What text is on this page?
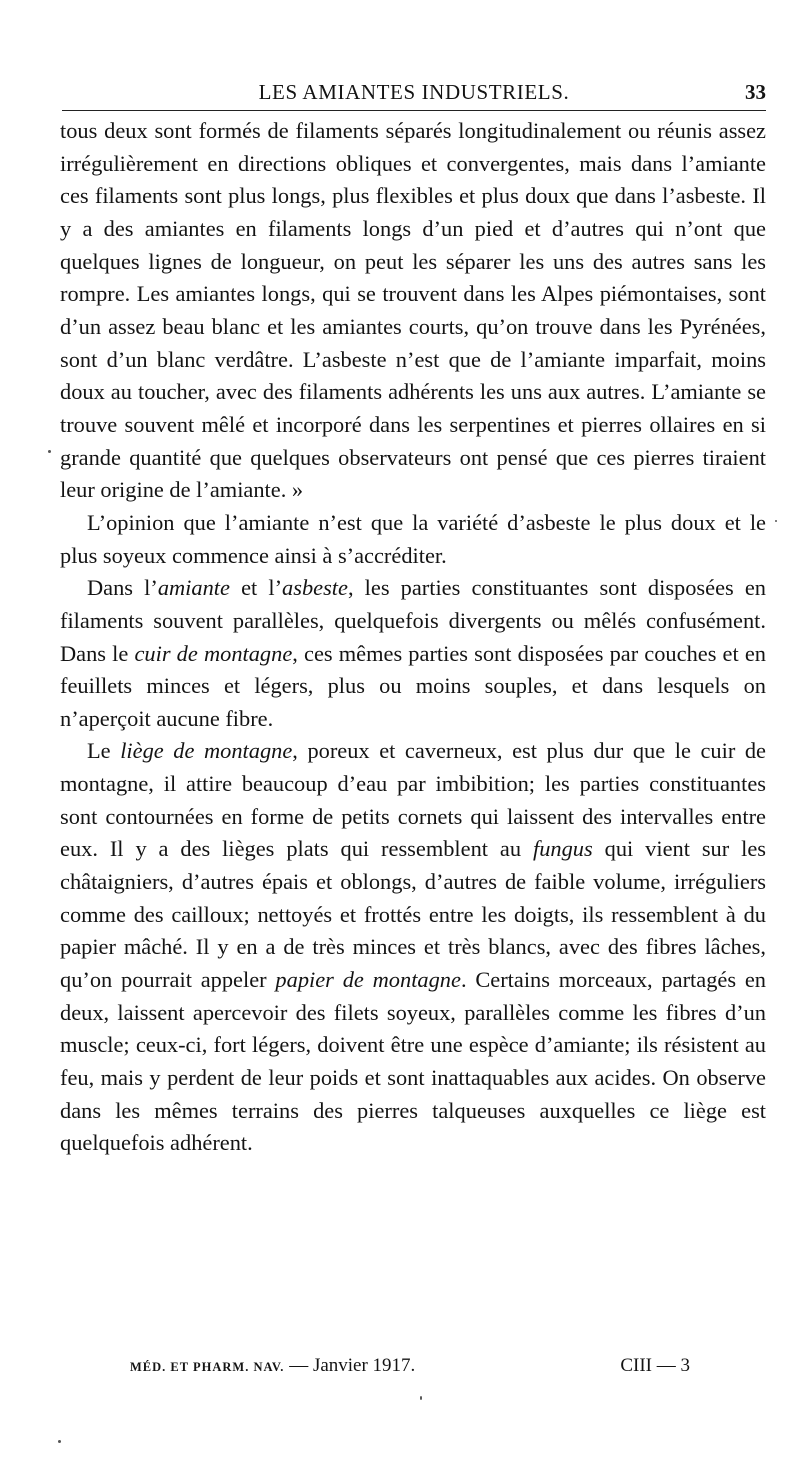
LES AMIANTES INDUSTRIELS.	33

tous deux sont formés de filaments séparés longitudinalement ou réunis assez irrégulièrement en directions obliques et convergentes, mais dans l’amiante ces filaments sont plus longs, plus flexibles et plus doux que dans l’asbeste. Il y a des amiantes en filaments longs d’un pied et d’autres qui n’ont que quelques lignes de longueur, on peut les séparer les uns des autres sans les rompre. Les amiantes longs, qui se trouvent dans les Alpes piémontaises, sont d’un assez beau blanc et les amiantes courts, qu’on trouve dans les Pyrénées, sont d’un blanc verdâtre. L’asbeste n’est que de l’amiante imparfait, moins doux au toucher, avec des filaments adhérents les uns aux autres. L’amiante se trouve souvent mêlé et incorporé dans les serpentines et pierres ollaires en si grande quantité que quelques observateurs ont pensé que ces pierres tiraient leur origine de l’amiante. »

L’opinion que l’amiante n’est que la variété d’asbeste le plus doux et le plus soyeux commence ainsi à s’accréditer.

Dans l’amiante et l’asbeste, les parties constituantes sont disposées en filaments souvent parallèles, quelquefois divergents ou mêlés confusément. Dans le cuir de montagne, ces mêmes parties sont disposées par couches et en feuillets minces et légers, plus ou moins souples, et dans lesquels on n’aperçoit aucune fibre.

Le liège de montagne, poreux et caverneux, est plus dur que le cuir de montagne, il attire beaucoup d’eau par imbibition; les parties constituantes sont contournées en forme de petits cornets qui laissent des intervalles entre eux. Il y a des lièges plats qui ressemblent au fungus qui vient sur les châtaigniers, d’autres épais et oblongs, d’autres de faible volume, irréguliers comme des cailloux; nettoyés et frottés entre les doigts, ils ressemblent à du papier mâché. Il y en a de très minces et très blancs, avec des fibres lâches, qu’on pourrait appeler papier de montagne. Certains morceaux, partagés en deux, laissent apercevoir des filets soyeux, parallèles comme les fibres d’un muscle; ceux-ci, fort légers, doivent être une espèce d’amiante; ils résistent au feu, mais y perdent de leur poids et sont inattaquables aux acides. On observe dans les mêmes terrains des pierres talqueuses auxquelles ce liège est quelquefois adhérent.

MÉD. ET PHARM. NAV. — Janvier 1917.	CIII — 3
